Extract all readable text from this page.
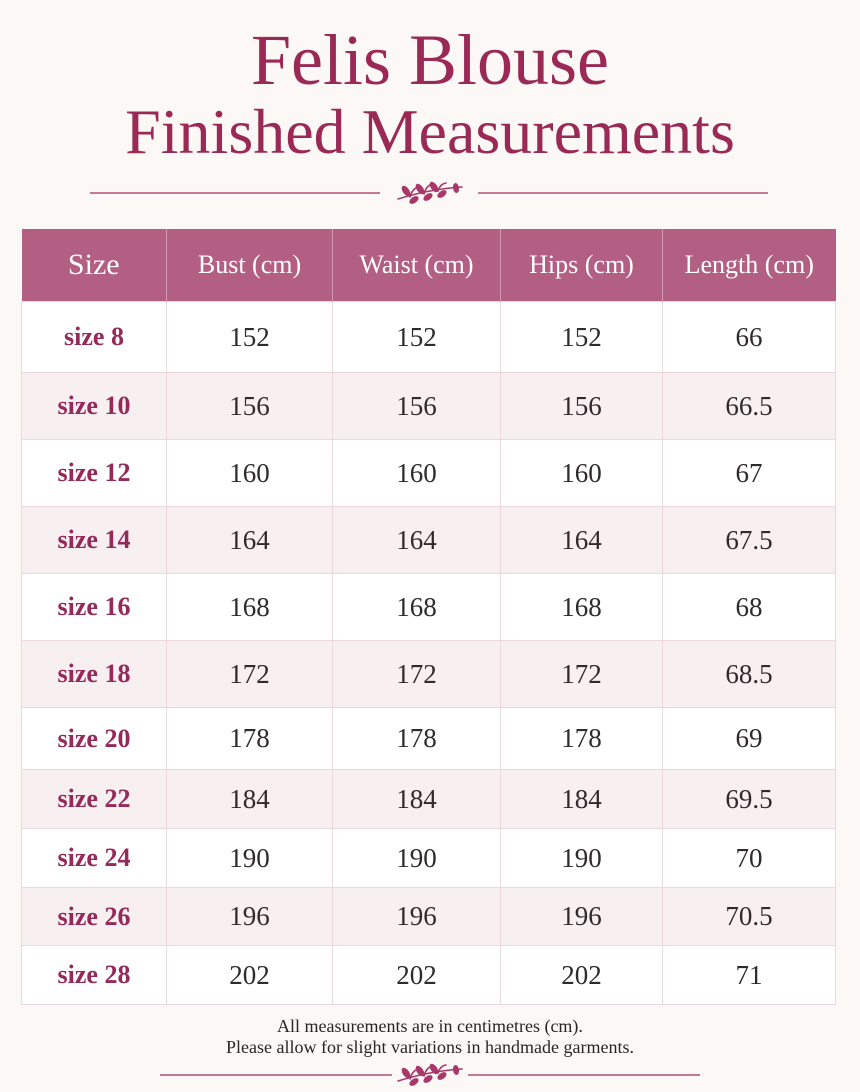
Felis Blouse
Finished Measurements
Size	Bust (cm)	Waist (cm)	Hips (cm)	Length (cm)
size 8	152	152	152	66
size 10	156	156	156	66.5
size 12	160	160	160	67
size 14	164	164	164	67.5
size 16	168	168	168	68
size 18	172	172	172	68.5
size 20	178	178	178	69
size 22	184	184	184	69.5
size 24	190	190	190	70
size 26	196	196	196	70.5
size 28	202	202	202	71

All measurements are in centimetres (cm).

Please allow for slight variations in handmade garments.
